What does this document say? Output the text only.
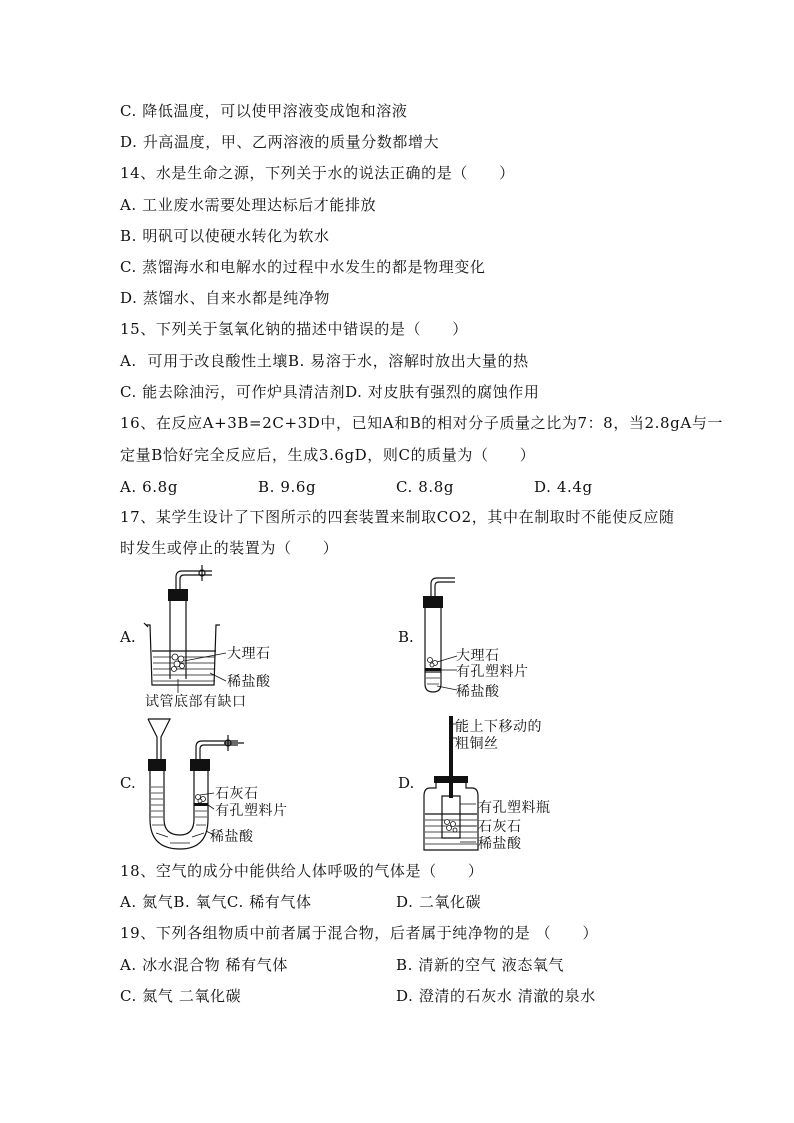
C. 降低温度，可以使甲溶液变成饱和溶液
D. 升高温度，甲、乙两溶液的质量分数都增大
14、水是生命之源，下列关于水的说法正确的是（　　）
A. 工业废水需要处理达标后才能排放
B. 明矾可以使硬水转化为软水
C. 蒸馏海水和电解水的过程中水发生的都是物理变化
D. 蒸馏水、自来水都是纯净物
15、下列关于氢氧化钠的描述中错误的是（　　）
A.  可用于改良酸性土壤B. 易溶于水，溶解时放出大量的热
C. 能去除油污，可作炉具清洁剂D. 对皮肤有强烈的腐蚀作用
16、在反应A+3B=2C+3D中，已知A和B的相对分子质量之比为7：8，当2.8gA与一
定量B恰好完全反应后，生成3.6gD，则C的质量为（　　）
A. 6.8g	B. 9.6g	C. 8.8g	D. 4.4g
17、某学生设计了下图所示的四套装置来制取CO2，其中在制取时不能使反应随
时发生或停止的装置为（　　）
A.
大理石
稀盐酸
试管底部有缺口
B.
大理石
有孔塑料片
稀盐酸
C.
石灰石
有孔塑料片
稀盐酸
D.
能上下移动的
粗铜丝
有孔塑料瓶
石灰石
稀盐酸
18、空气的成分中能供给人体呼吸的气体是（　　）
A. 氮气B. 氧气C. 稀有气体	D. 二氧化碳
19、下列各组物质中前者属于混合物，后者属于纯净物的是 （　　）
A. 冰水混合物 稀有气体	B. 清新的空气 液态氧气
C. 氮气 二氧化碳	D. 澄清的石灰水 清澈的泉水
